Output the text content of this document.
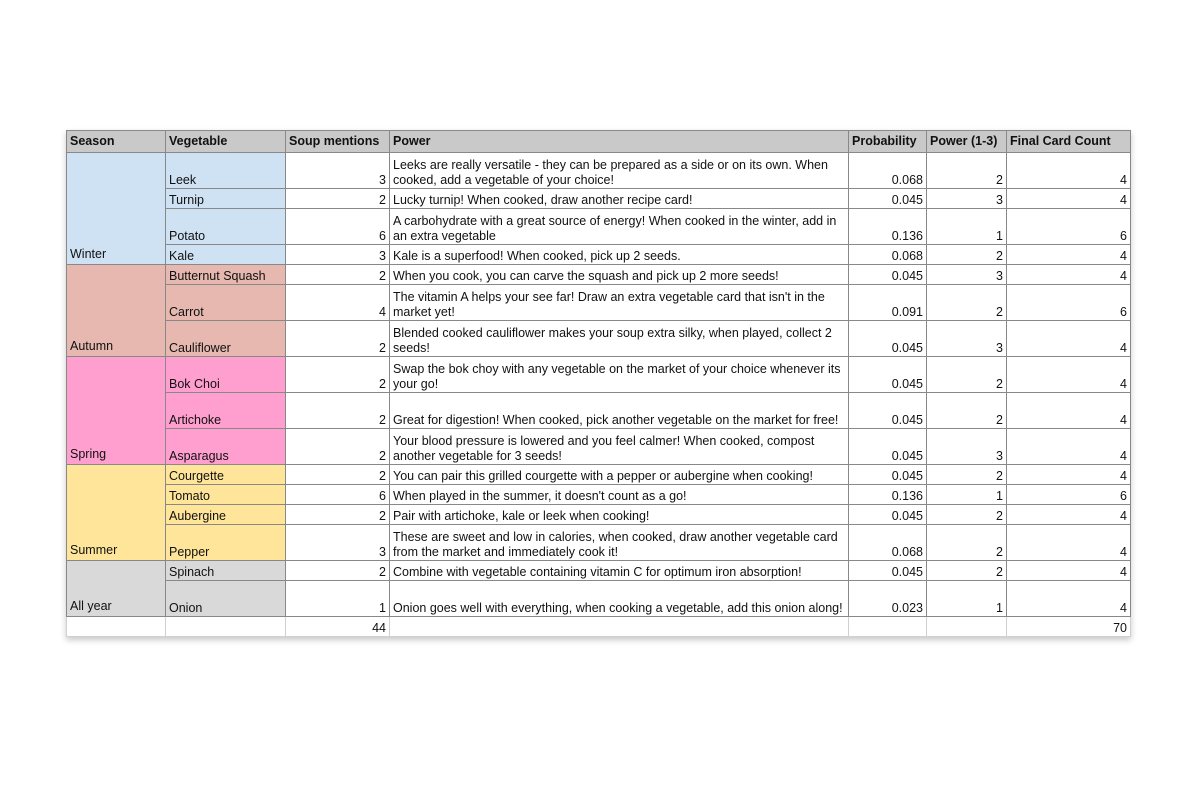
Season	Vegetable	Soup mentions	Power	Probability	Power (1-3)	Final Card Count
Winter	Leek	3	Leeks are really versatile - they can be prepared as a side or on its own. When cooked, add a vegetable of your choice!	0.068	2	4
	Turnip	2	Lucky turnip! When cooked, draw another recipe card!	0.045	3	4
	Potato	6	A carbohydrate with a great source of energy! When cooked in the winter, add in an extra vegetable	0.136	1	6
	Kale	3	Kale is a superfood! When cooked, pick up 2 seeds.	0.068	2	4
Autumn	Butternut Squash	2	When you cook, you can carve the squash and pick up 2 more seeds!	0.045	3	4
	Carrot	4	The vitamin A helps your see far! Draw an extra vegetable card that isn't in the market yet!	0.091	2	6
	Cauliflower	2	Blended cooked cauliflower makes your soup extra silky, when played, collect 2 seeds!	0.045	3	4
Spring	Bok Choi	2	Swap the bok choy with any vegetable on the market of your choice whenever its your go!	0.045	2	4
	Artichoke	2	Great for digestion! When cooked, pick another vegetable on the market for free!	0.045	2	4
	Asparagus	2	Your blood pressure is lowered and you feel calmer! When cooked, compost another vegetable for 3 seeds!	0.045	3	4
Summer	Courgette	2	You can pair this grilled courgette with a pepper or aubergine when cooking!	0.045	2	4
	Tomato	6	When played in the summer, it doesn't count as a go!	0.136	1	6
	Aubergine	2	Pair with artichoke, kale or leek when cooking!	0.045	2	4
	Pepper	3	These are sweet and low in calories, when cooked, draw another vegetable card from the market and immediately cook it!	0.068	2	4
All year	Spinach	2	Combine with vegetable containing vitamin C for optimum iron absorption!	0.045	2	4
	Onion	1	Onion goes well with everything, when cooking a vegetable, add this onion along!	0.023	1	4
		44				70
